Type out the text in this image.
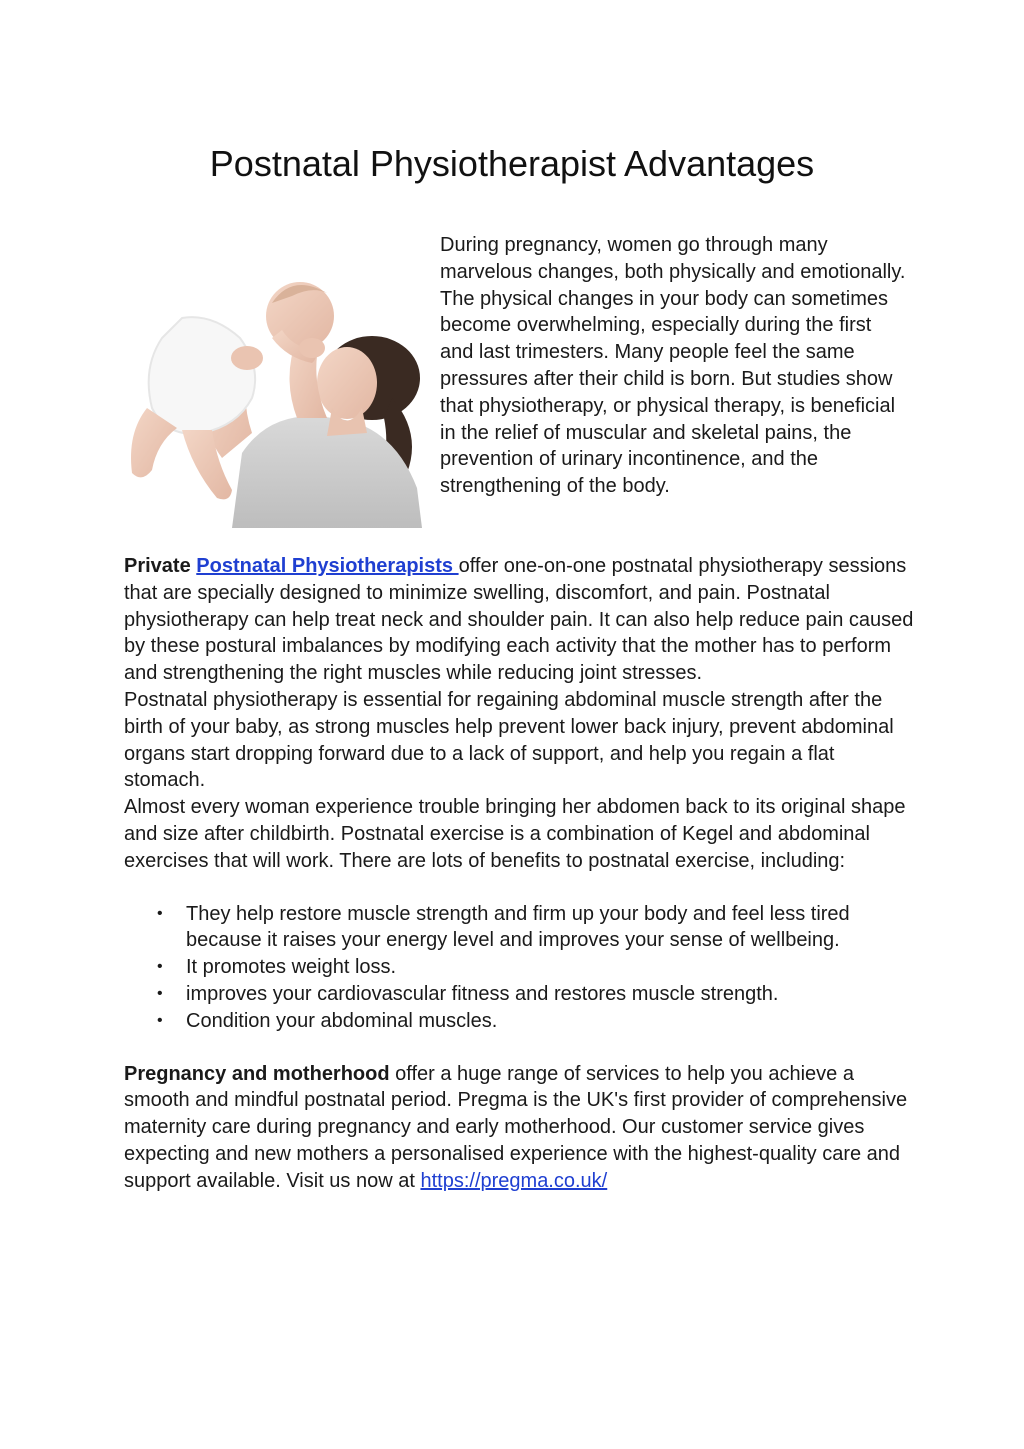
Postnatal Physiotherapist Advantages

During pregnancy, women go through many marvelous changes, both physically and emotionally. The physical changes in your body can sometimes become overwhelming, especially during the first and last trimesters. Many people feel the same pressures after their child is born. But studies show that physiotherapy, or physical therapy, is beneficial in the relief of muscular and skeletal pains, the prevention of urinary incontinence, and the strengthening of the body.

Private Postnatal Physiotherapists offer one-on-one postnatal physiotherapy sessions that are specially designed to minimize swelling, discomfort, and pain. Postnatal physiotherapy can help treat neck and shoulder pain. It can also help reduce pain caused by these postural imbalances by modifying each activity that the mother has to perform and strengthening the right muscles while reducing joint stresses.

Postnatal physiotherapy is essential for regaining abdominal muscle strength after the birth of your baby, as strong muscles help prevent lower back injury, prevent abdominal organs start dropping forward due to a lack of support, and help you regain a flat stomach.

Almost every woman experience trouble bringing her abdomen back to its original shape and size after childbirth. Postnatal exercise is a combination of Kegel and abdominal exercises that will work. There are lots of benefits to postnatal exercise, including:

• They help restore muscle strength and firm up your body and feel less tired because it raises your energy level and improves your sense of wellbeing.
• It promotes weight loss.
• improves your cardiovascular fitness and restores muscle strength.
• Condition your abdominal muscles.

Pregnancy and motherhood offer a huge range of services to help you achieve a smooth and mindful postnatal period. Pregma is the UK's first provider of comprehensive maternity care during pregnancy and early motherhood. Our customer service gives expecting and new mothers a personalised experience with the highest-quality care and support available. Visit us now at https://pregma.co.uk/
